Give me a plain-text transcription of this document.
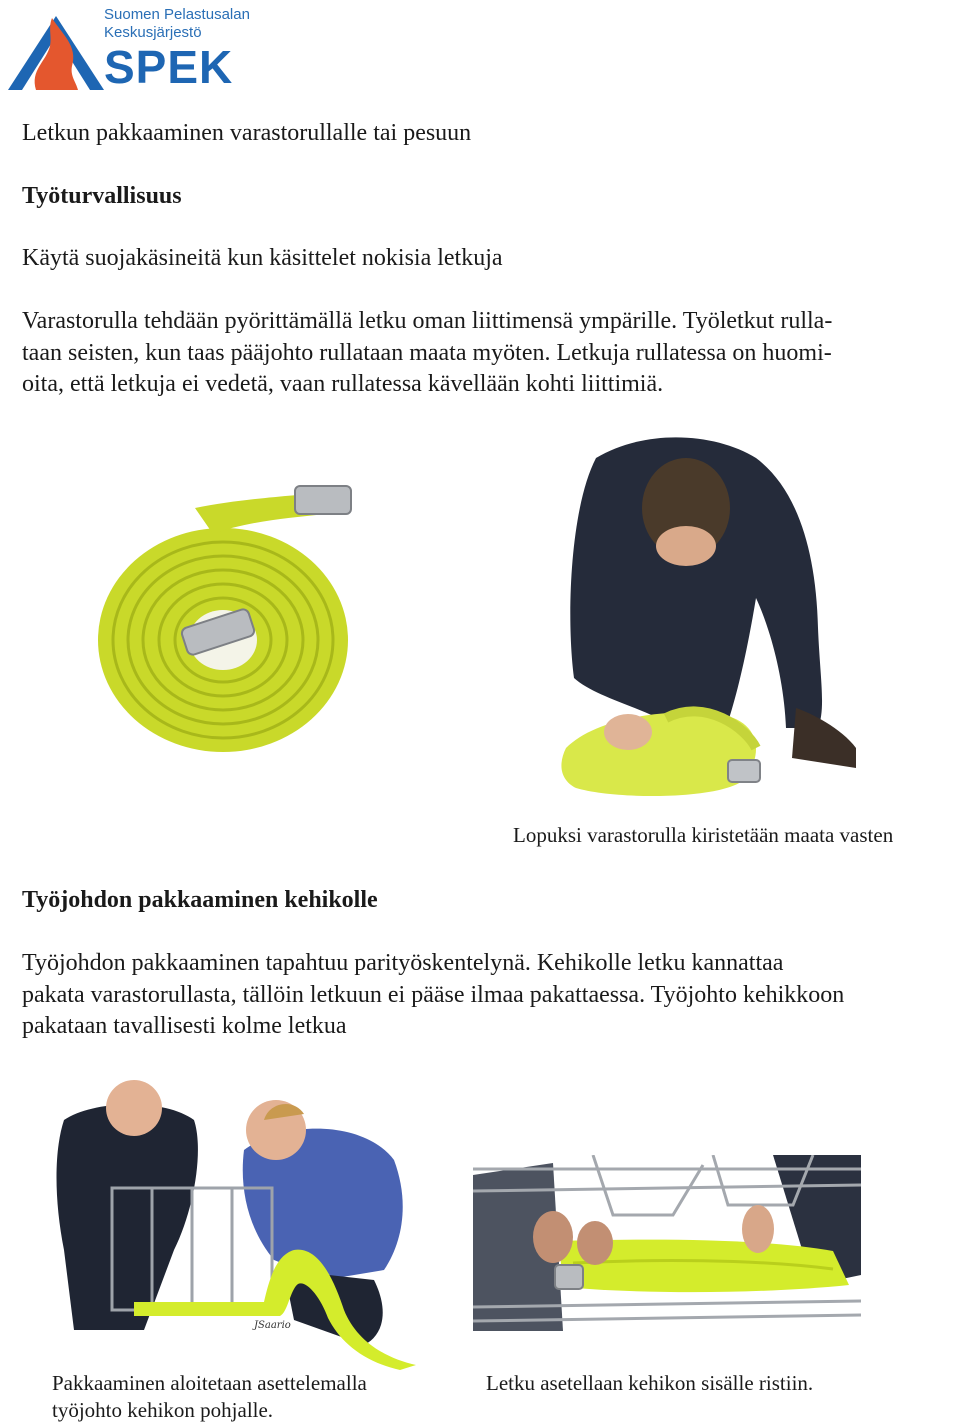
Suomen Pelastusalan
Keskusjärjestö
SPEK

Letkun pakkaaminen varastorullalle tai pesuun

Työturvallisuus

Käytä suojakäsineitä kun käsittelet nokisia letkuja

Varastorulla tehdään pyörittämällä letku oman liittimensä ympärille. Työletkut rulla-

taan seisten, kun taas pääjohto rullataan maata myöten. Letkuja rullatessa on huomi-

oita, että letkuja ei vedetä, vaan rullatessa kävellään kohti liittimiä.

Lopuksi varastorulla kiristetään maata vasten

Työjohdon pakkaaminen kehikolle

Työjohdon pakkaaminen tapahtuu parityöskentelynä. Kehikolle letku kannattaa

pakata varastorullasta, tällöin letkuun ei pääse ilmaa pakattaessa. Työjohto kehikkoon

pakataan tavallisesti kolme letkua

JSaario
Pakkaaminen aloitetaan asettelemalla
työjohto kehikon pohjalle.

Letku asetellaan kehikon sisälle ristiin.
